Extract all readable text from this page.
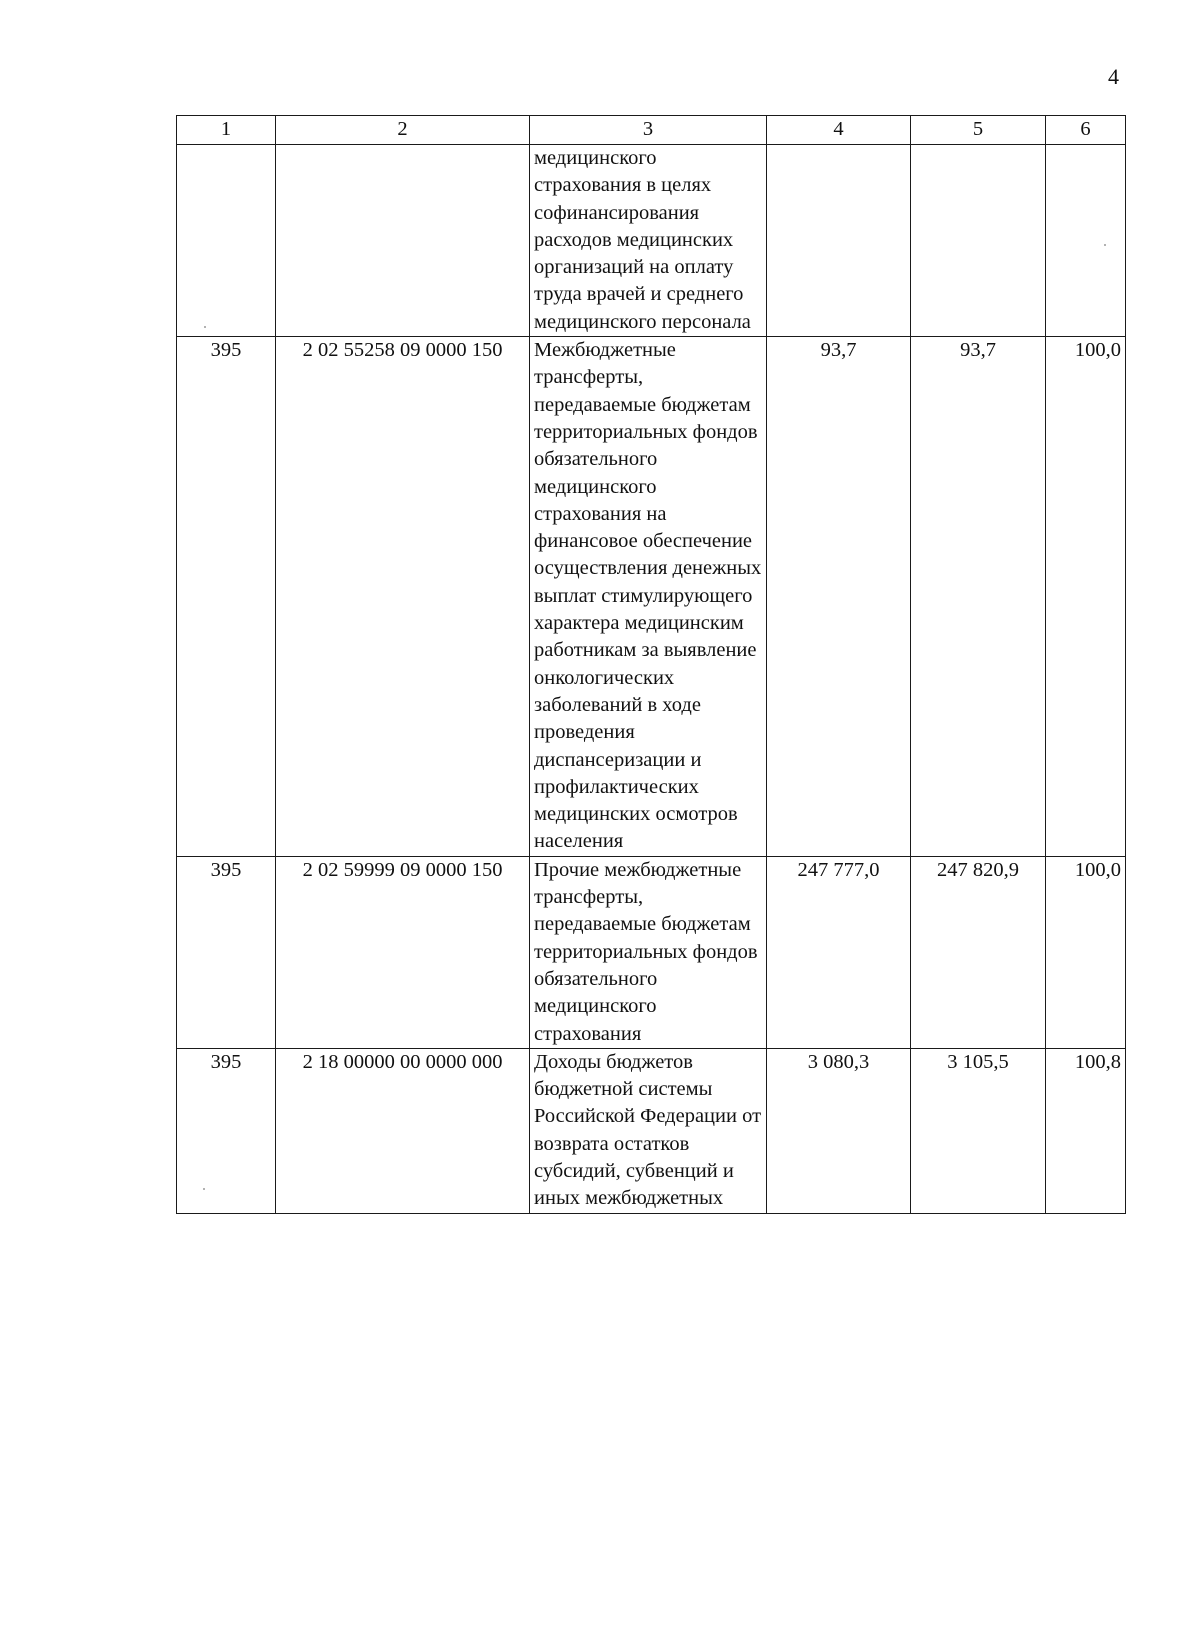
4
1	2	3	4	5	6
		медицинского страхования в целях софинансирования расходов медицинских организаций на оплату труда врачей и среднего медицинского персонала			
395	2 02 55258 09 0000 150	Межбюджетные трансферты, передаваемые бюджетам территориальных фондов обязательного медицинского страхования на финансовое обеспечение осуществления денежных выплат стимулирующего характера медицинским работникам за выявление онкологических заболеваний в ходе проведения диспансеризации и профилактических медицинских осмотров населения	93,7	93,7	100,0
395	2 02 59999 09 0000 150	Прочие межбюджетные трансферты, передаваемые бюджетам территориальных фондов обязательного медицинского страхования	247 777,0	247 820,9	100,0
395	2 18 00000 00 0000 000	Доходы бюджетов бюджетной системы Российской Федерации от возврата остатков субсидий, субвенций и иных межбюджетных	3 080,3	3 105,5	100,8
